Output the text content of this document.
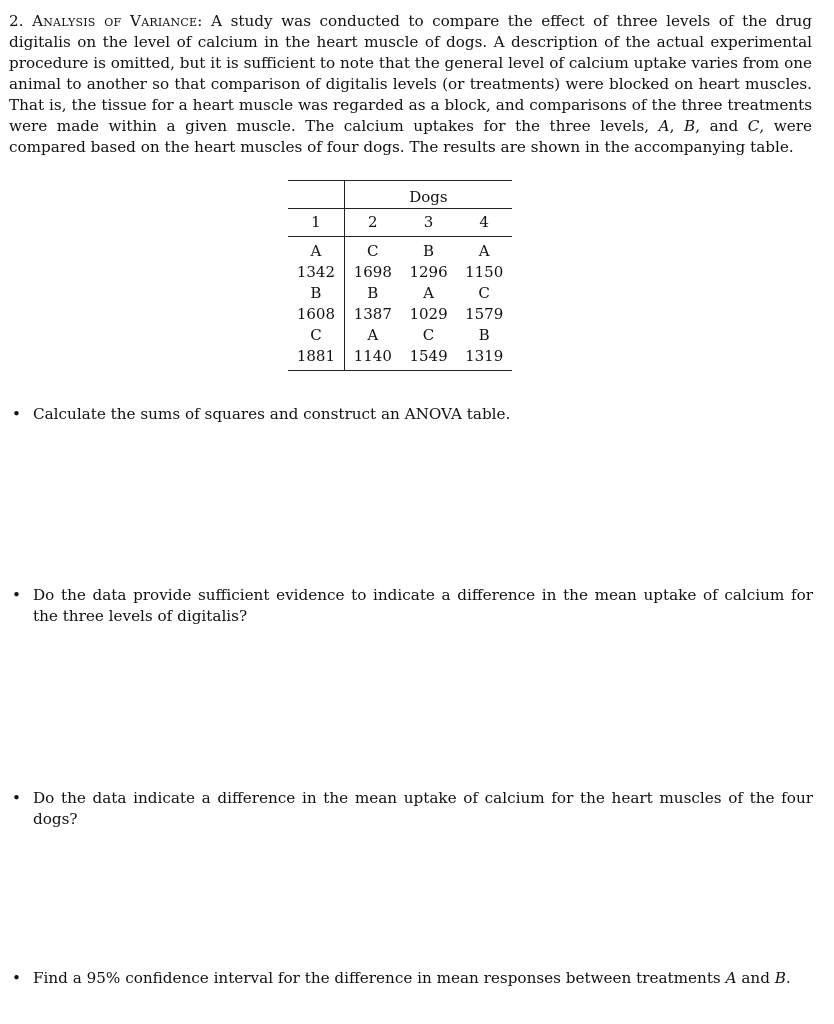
2. Analysis of Variance: A study was conducted to compare the effect of three levels of the drug digitalis on the level of calcium in the heart muscle of dogs. A description of the actual experimental procedure is omitted, but it is sufficient to note that the general level of calcium uptake varies from one animal to another so that comparison of digitalis levels (or treatments) were blocked on heart muscles. That is, the tissue for a heart muscle was regarded as a block, and comparisons of the three treatments were made within a given muscle. The calcium uptakes for the three levels, A, B, and C, were compared based on the heart muscles of four dogs. The results are shown in the accompanying table.
	Dogs		
1	2	3	4
A	C	B	A
1342	1698	1296	1150
B	B	A	C
1608	1387	1029	1579
C	A	C	B
1881	1140	1549	1319
• Calculate the sums of squares and construct an ANOVA table.
• Do the data provide sufficient evidence to indicate a difference in the mean uptake of calcium for the three levels of digitalis?
• Do the data indicate a difference in the mean uptake of calcium for the heart muscles of the four dogs?
• Find a 95% confidence interval for the difference in mean responses between treatments A and B.
